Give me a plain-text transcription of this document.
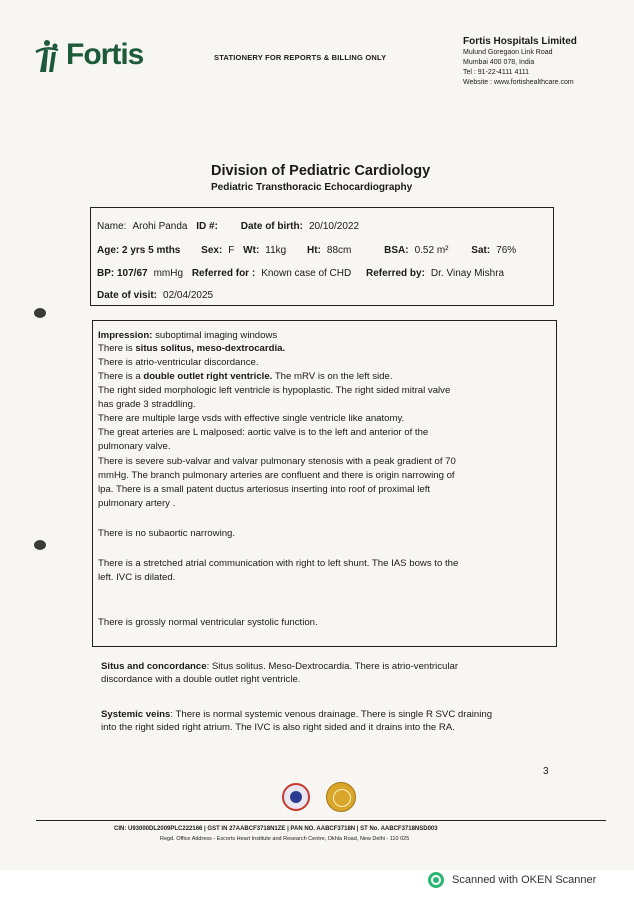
Fortis	STATIONERY FOR REPORTS & BILLING ONLY
Fortis Hospitals Limited
Mulund Goregaon Link Road
Mumbai 400 078, India
Tel : 91-22-4111 4111
Website : www.fortishealthcare.com
Division of Pediatric Cardiology
Pediatric Transthoracic Echocardiography
Name: Arohi Panda ID #: Date of birth: 20/10/2022
Age: 2 yrs 5 mths Sex: F Wt: 11kg Ht: 88cm	BSA: 0.52 m² Sat: 76%
BP: 107/67 mmHg Referred for : Known case of CHD Referred by: Dr. Vinay Mishra
Date of visit: 02/04/2025
Impression: suboptimal imaging windows
There is situs solitus, meso-dextrocardia.
There is atrio-ventricular discordance.
There is a double outlet right ventricle. The mRV is on the left side.
The right sided morphologic left ventricle is hypoplastic. The right sided mitral valve
has grade 3 straddling.
There are multiple large vsds with effective single ventricle like anatomy.
The great arteries are L malposed: aortic valve is to the left and anterior of the
pulmonary valve.
There is severe sub-valvar and valvar pulmonary stenosis with a peak gradient of 70
mmHg. The branch pulmonary arteries are confluent and there is origin narrowing of
lpa. There is a small patent ductus arteriosus inserting into roof of proximal left
pulmonary artery .
There is no subaortic narrowing.
There is a stretched atrial communication with right to left shunt. The IAS bows to the
left. IVC is dilated.
There is grossly normal ventricular systolic function.
Situs and concordance: Situs solitus. Meso-Dextrocardia. There is atrio-ventricular
discordance with a double outlet right ventricle.
Systemic veins: There is normal systemic venous drainage. There is single R SVC draining
into the right sided right atrium. The IVC is also right sided and it drains into the RA.
3
CIN: U93000DL2009PLC222166 | GST IN 27AABCF3718N1ZE | PAN NO. AABCF3718N | ST No. AABCF3718NSD003
Regd. Office Address - Escorts Heart Institute and Research Centre, Okhla Road, New Delhi - 110 025
Scanned with OKEN Scanner
